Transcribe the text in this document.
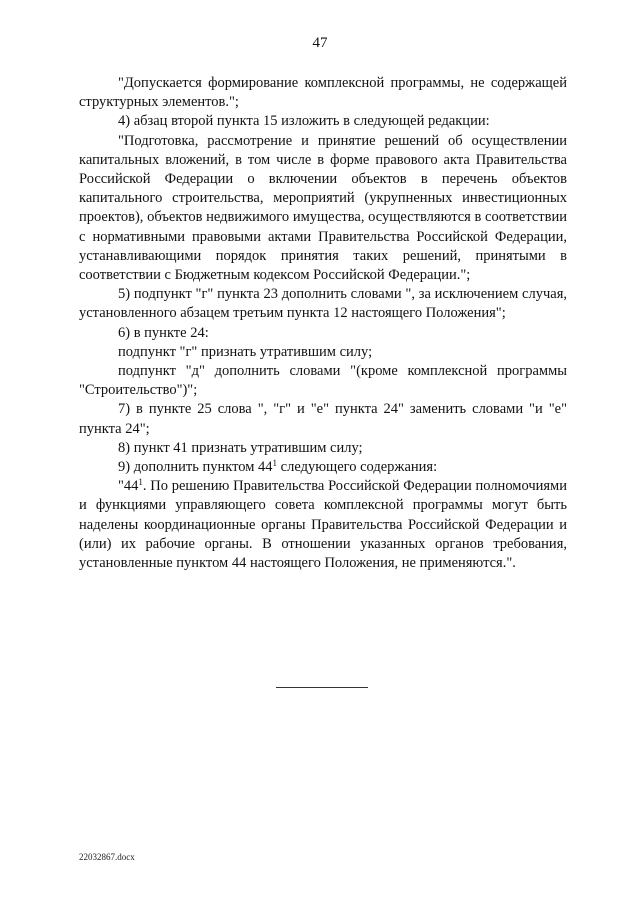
47

"Допускается формирование комплексной программы, не содержащей структурных элементов.";

4) абзац второй пункта 15 изложить в следующей редакции:

"Подготовка, рассмотрение и принятие решений об осуществлении капитальных вложений, в том числе в форме правового акта Правительства Российской Федерации о включении объектов в перечень объектов капитального строительства, мероприятий (укрупненных инвестиционных проектов), объектов недвижимого имущества, осуществляются в соответствии с нормативными правовыми актами Правительства Российской Федерации, устанавливающими порядок принятия таких решений, принятыми в соответствии с Бюджетным кодексом Российской Федерации.";

5) подпункт "г" пункта 23 дополнить словами ", за исключением случая, установленного абзацем третьим пункта 12 настоящего Положения";

6) в пункте 24:

подпункт "г" признать утратившим силу;

подпункт "д" дополнить словами "(кроме комплексной программы "Строительство")";

7) в пункте 25 слова ", "г" и "е" пункта 24" заменить словами "и "е" пункта 24";

8) пункт 41 признать утратившим силу;

9) дополнить пунктом $44^1$ следующего содержания:

"$44^1$. По решению Правительства Российской Федерации полномочиями и функциями управляющего совета комплексной программы могут быть наделены координационные органы Правительства Российской Федерации и (или) их рабочие органы. В отношении указанных органов требования, установленные пунктом 44 настоящего Положения, не применяются.".

22032867.docx
